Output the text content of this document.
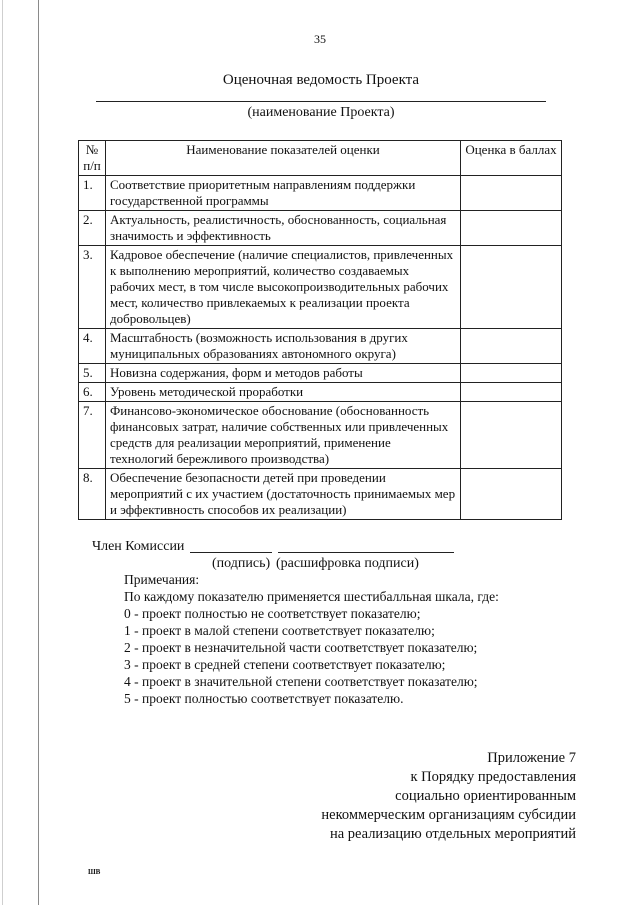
35
Оценочная ведомость Проекта
(наименование Проекта)
№ п/п	Наименование показателей оценки	Оценка в баллах
1.	Соответствие приоритетным направлениям поддержки государственной программы	
2.	Актуальность, реалистичность, обоснованность, социальная значимость и эффективность	
3.	Кадровое обеспечение (наличие специалистов, привлеченных к выполнению мероприятий, количество создаваемых рабочих мест, в том числе высокопроизводительных рабочих мест, количество привлекаемых к реализации проекта добровольцев)	
4.	Масштабность (возможность использования в других муниципальных образованиях автономного округа)	
5.	Новизна содержания, форм и методов работы	
6.	Уровень методической проработки	
7.	Финансово-экономическое обоснование (обоснованность финансовых затрат, наличие собственных или привлеченных средств для реализации мероприятий, применение технологий бережливого производства)	
8.	Обеспечение безопасности детей при проведении мероприятий с их участием (достаточность принимаемых мер и эффективность способов их реализации)	
Член Комиссии
(подпись) (расшифровка подписи)
Примечания:
По каждому показателю применяется шестибалльная шкала, где:
0 - проект полностью не соответствует показателю;
1 - проект в малой степени соответствует показателю;
2 - проект в незначительной части соответствует показателю;
3 - проект в средней степени соответствует показателю;
4 - проект в значительной степени соответствует показателю;
5 - проект полностью соответствует показателю.
Приложение 7
к Порядку предоставления
социально ориентированным
некоммерческим организациям субсидии
на реализацию отдельных мероприятий
ШВ
